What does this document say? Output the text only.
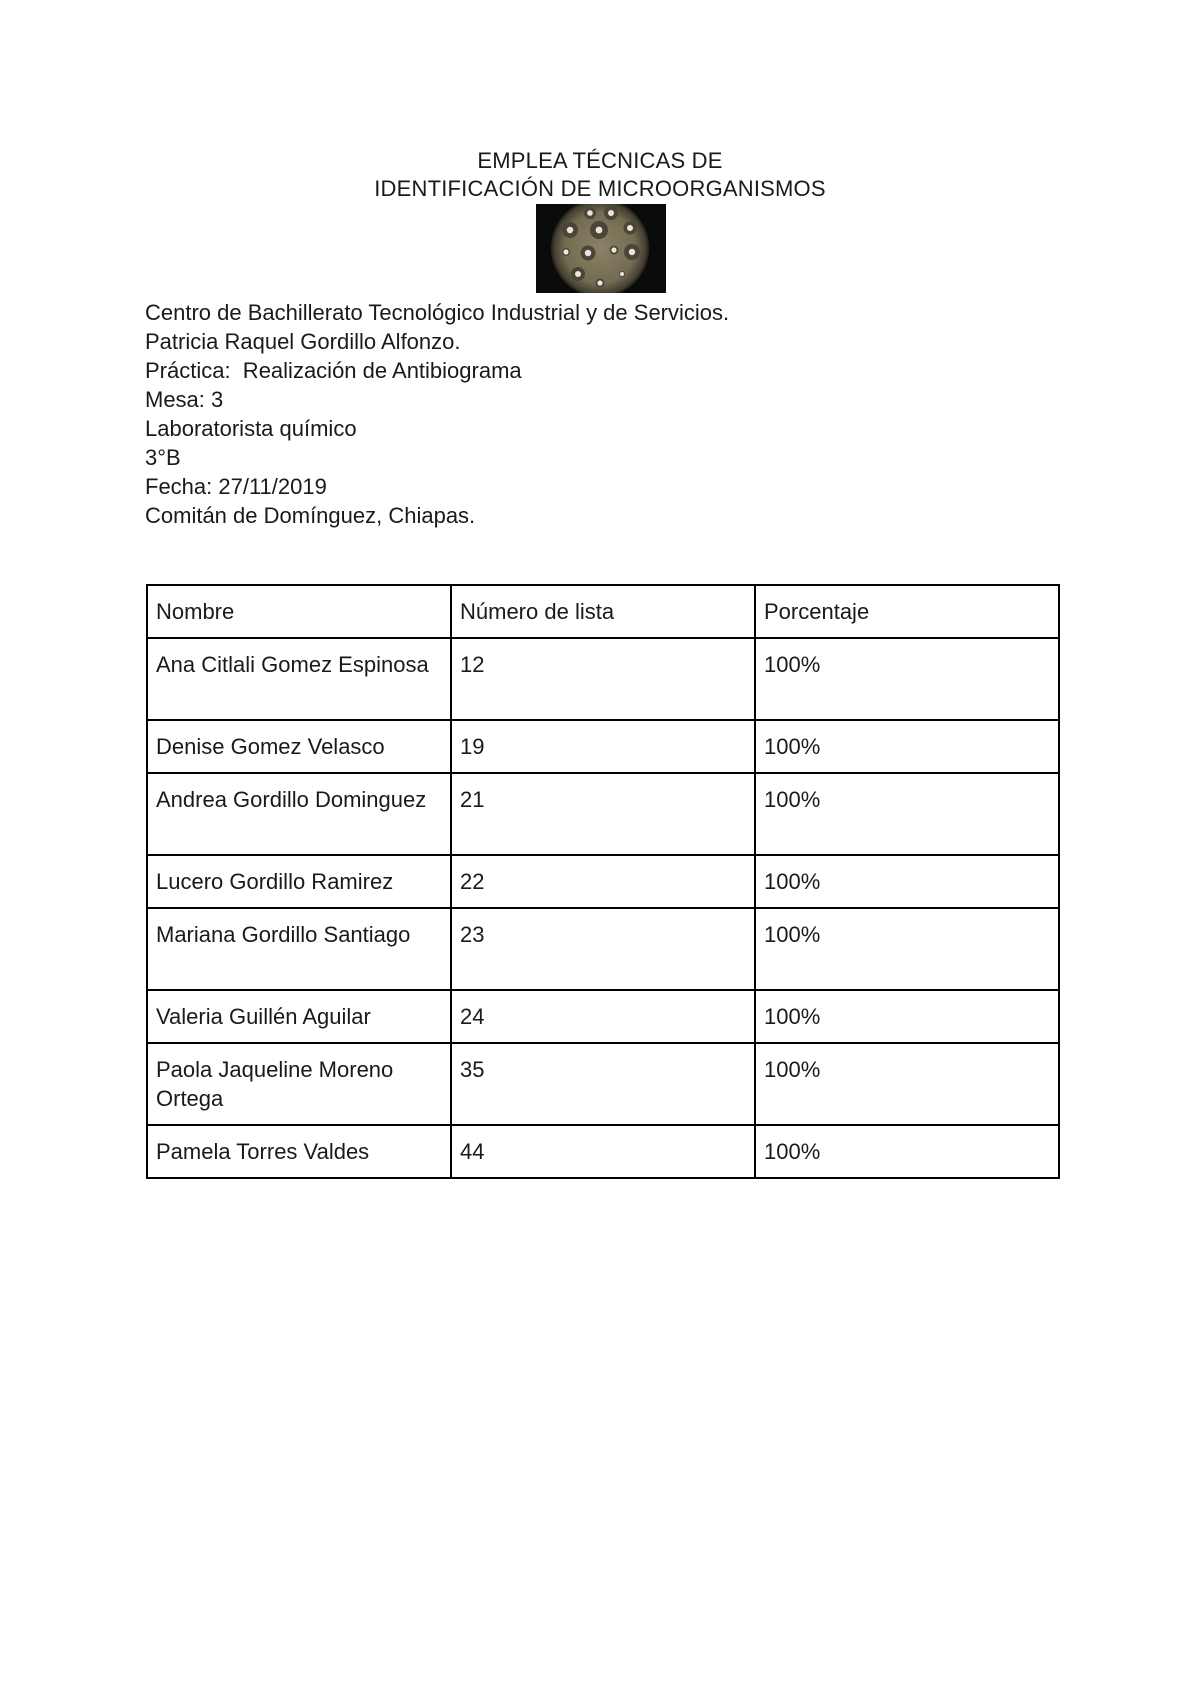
EMPLEA TÉCNICAS DE
IDENTIFICACIÓN DE MICROORGANISMOS
Centro de Bachillerato Tecnológico Industrial y de Servicios.
Patricia Raquel Gordillo Alfonzo.
Práctica:  Realización de Antibiograma
Mesa: 3
Laboratorista químico
3°B
Fecha: 27/11/2019
Comitán de Domínguez, Chiapas.
Nombre	Número de lista	Porcentaje
Ana Citlali Gomez Espinosa	12	100%
Denise Gomez Velasco	19	100%
Andrea Gordillo Dominguez	21	100%
Lucero Gordillo Ramirez	22	100%
Mariana Gordillo Santiago	23	100%
Valeria Guillén Aguilar	24	100%
Paola Jaqueline Moreno Ortega	35	100%
Pamela Torres Valdes	44	100%
